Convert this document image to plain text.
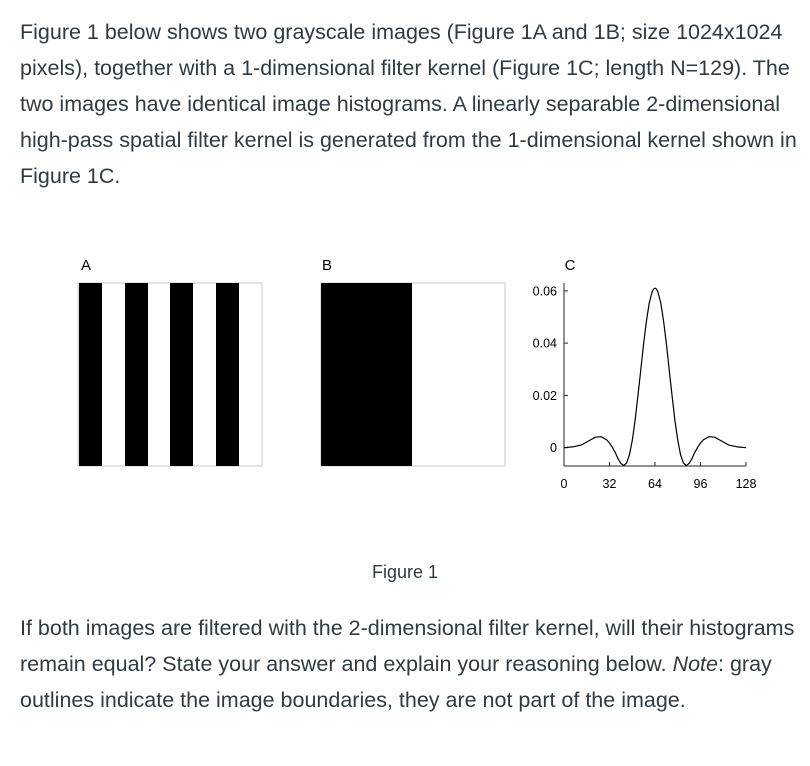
Figure 1 below shows two grayscale images (Figure 1A and 1B; size 1024x1024 pixels), together with a 1-dimensional filter kernel (Figure 1C; length N=129). The two images have identical image histograms. A linearly separable 2-dimensional high-pass spatial filter kernel is generated from the 1-dimensional kernel shown in Figure 1C.

A	B	C
0
0.02
0.04
0.06
0	32	64	96 128
Figure 1

If both images are filtered with the 2-dimensional filter kernel, will their histograms remain equal? State your answer and explain your reasoning below. Note: gray outlines indicate the image boundaries, they are not part of the image.
